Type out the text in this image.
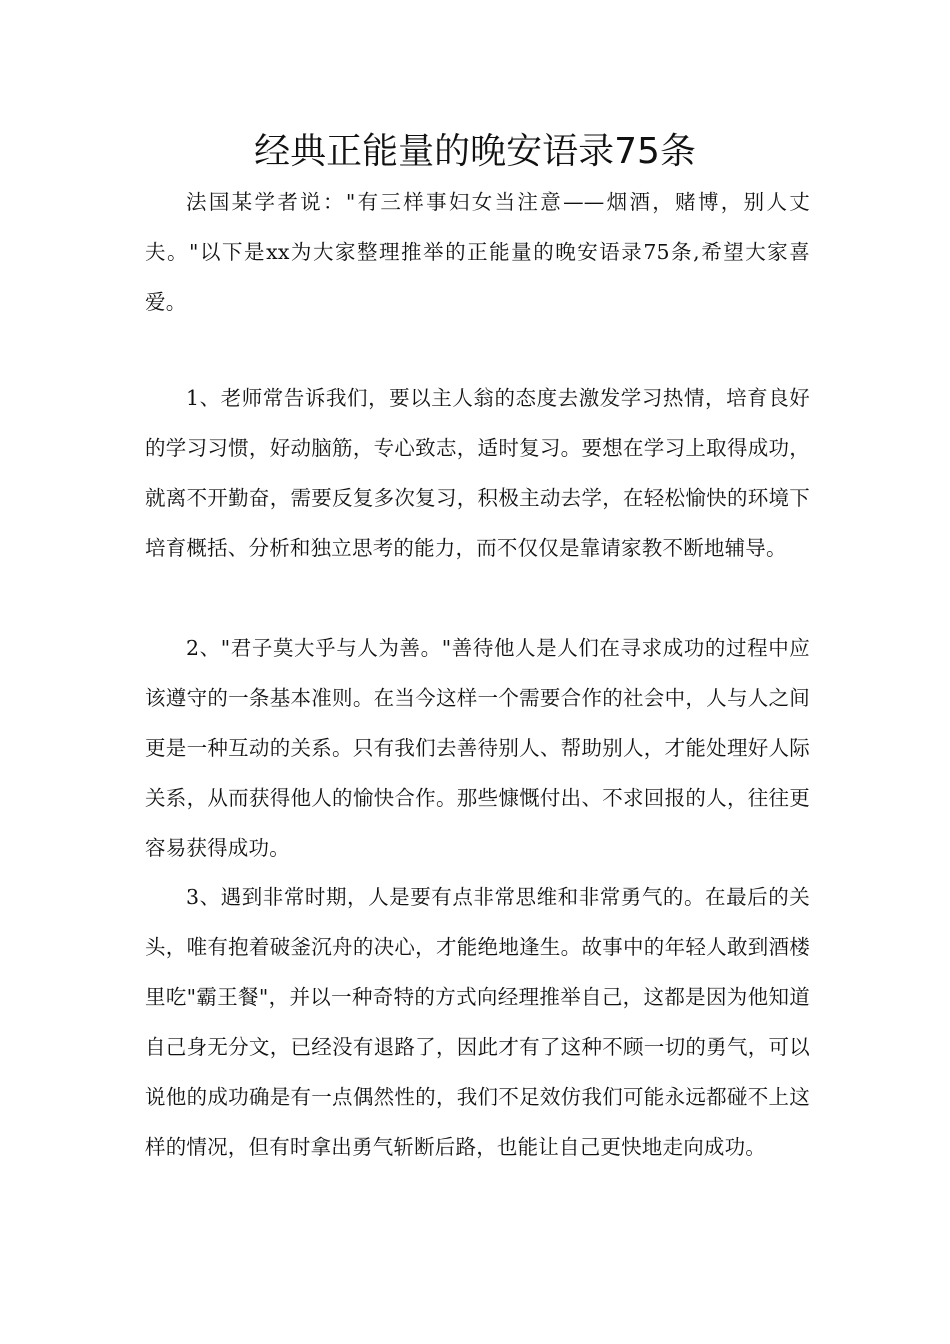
经典正能量的晚安语录75条

法国某学者说："有三样事妇女当注意——烟酒，赌博，别人丈夫。"以下是xx为大家整理推举的正能量的晚安语录75条,希望大家喜爱。

1、老师常告诉我们，要以主人翁的态度去激发学习热情，培育良好的学习习惯，好动脑筋，专心致志，适时复习。要想在学习上取得成功，就离不开勤奋，需要反复多次复习，积极主动去学，在轻松愉快的环境下培育概括、分析和独立思考的能力，而不仅仅是靠请家教不断地辅导。

2、"君子莫大乎与人为善。"善待他人是人们在寻求成功的过程中应该遵守的一条基本准则。在当今这样一个需要合作的社会中，人与人之间更是一种互动的关系。只有我们去善待别人、帮助别人，才能处理好人际关系，从而获得他人的愉快合作。那些慷慨付出、不求回报的人，往往更容易获得成功。

3、遇到非常时期，人是要有点非常思维和非常勇气的。在最后的关头，唯有抱着破釜沉舟的决心，才能绝地逢生。故事中的年轻人敢到酒楼里吃"霸王餐"，并以一种奇特的方式向经理推举自己，这都是因为他知道自己身无分文，已经没有退路了，因此才有了这种不顾一切的勇气，可以说他的成功确是有一点偶然性的，我们不足效仿我们可能永远都碰不上这样的情况，但有时拿出勇气斩断后路，也能让自己更快地走向成功。
